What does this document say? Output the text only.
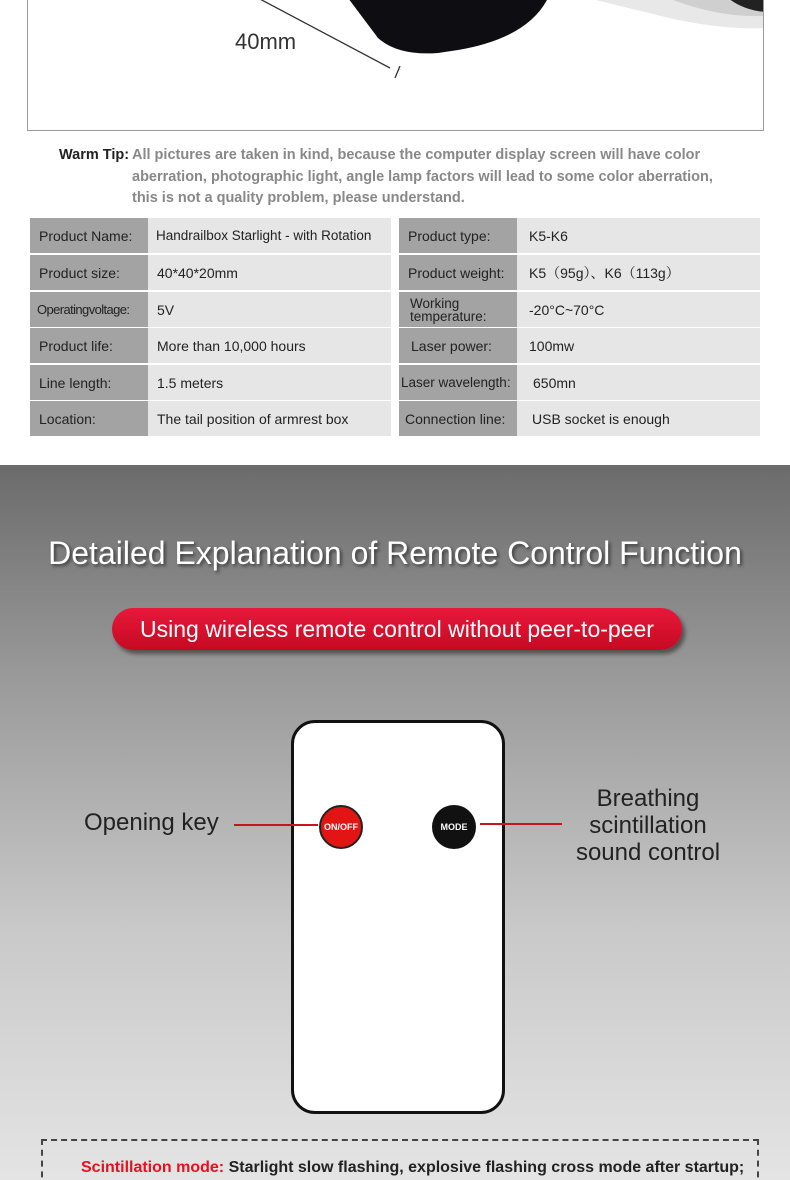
40mm
Warm Tip: All pictures are taken in kind, because the computer display screen will have color aberration, photographic light, angle lamp factors will lead to some color aberration, this is not a quality problem, please understand.
Product Name:	Handrailbox Starlight - with Rotation	Product type:	K5-K6
Product size:	40*40*20mm	Product weight:	K5（95g）、K6（113g）
Operatingvoltage:	5V	Working temperature:	-20°C~70°C
Product life:	More than 10,000 hours	Laser power:	100mw
Line length:	1.5 meters	Laser wavelength:	650mn
Location:	The tail position of armrest box	Connection line:	USB socket is enough
Detailed Explanation of Remote Control Function
Using wireless remote control without peer-to-peer
ON/OFF	MODE
Opening key
Breathing
scintillation
sound control
Scintillation mode: Starlight slow flashing, explosive flashing cross mode after startup;
